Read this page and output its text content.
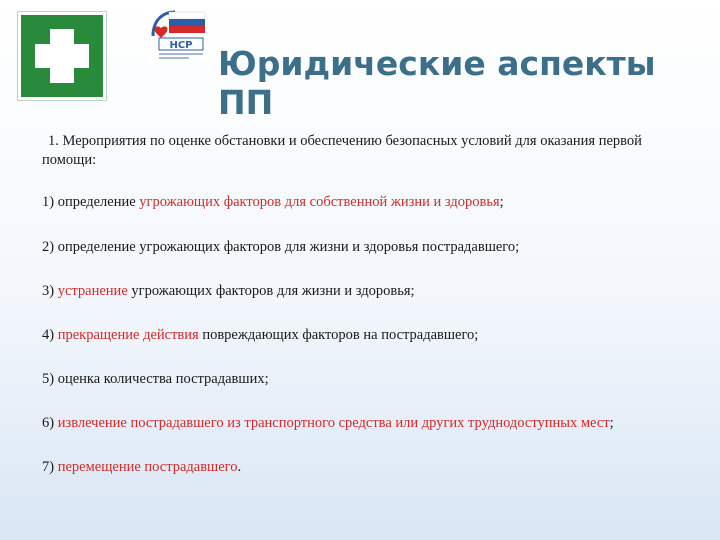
НСР Юридические аспекты
ПП

1. Мероприятия по оценке обстановки и обеспечению безопасных условий для оказания первой помощи:

1) определение угрожающих факторов для собственной жизни и здоровья;
2) определение угрожающих факторов для жизни и здоровья пострадавшего;
3) устранение угрожающих факторов для жизни и здоровья;
4) прекращение действия повреждающих факторов на пострадавшего;
5) оценка количества пострадавших;
6) извлечение пострадавшего из транспортного средства или других труднодоступных мест;
7) перемещение пострадавшего.
